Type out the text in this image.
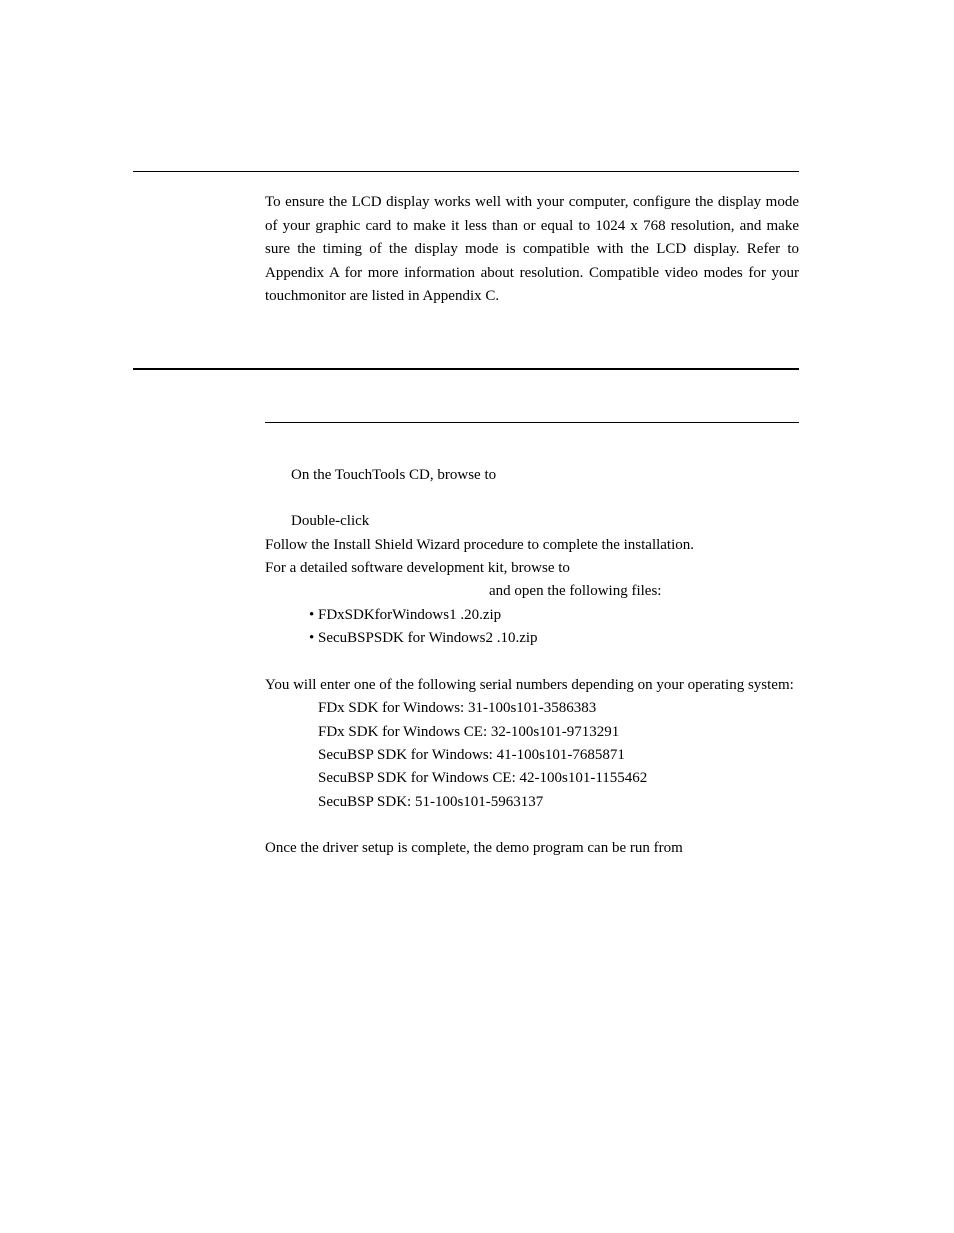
To ensure the LCD display works well with your computer, configure the display mode of your graphic card to make it less than or equal to 1024 x 768 resolution, and make sure the timing of the display mode is compatible with the LCD display. Refer to Appendix A for more information about resolution. Compatible video modes for your touchmonitor are listed in Appendix C.

On the TouchTools CD, browse to

Double-click

Follow the Install Shield Wizard procedure to complete the installation.

For a detailed software development kit, browse to

and open the following files:

• FDxSDKforWindows1 .20.zip

• SecuBSPSDK for Windows2 .10.zip

You will enter one of the following serial numbers depending on your operating system:

FDx SDK for Windows: 31-100s101-3586383

FDx SDK for Windows CE: 32-100s101-9713291

SecuBSP SDK for Windows: 41-100s101-7685871

SecuBSP SDK for Windows CE: 42-100s101-1155462

SecuBSP SDK: 51-100s101-5963137

Once the driver setup is complete, the demo program can be run from
